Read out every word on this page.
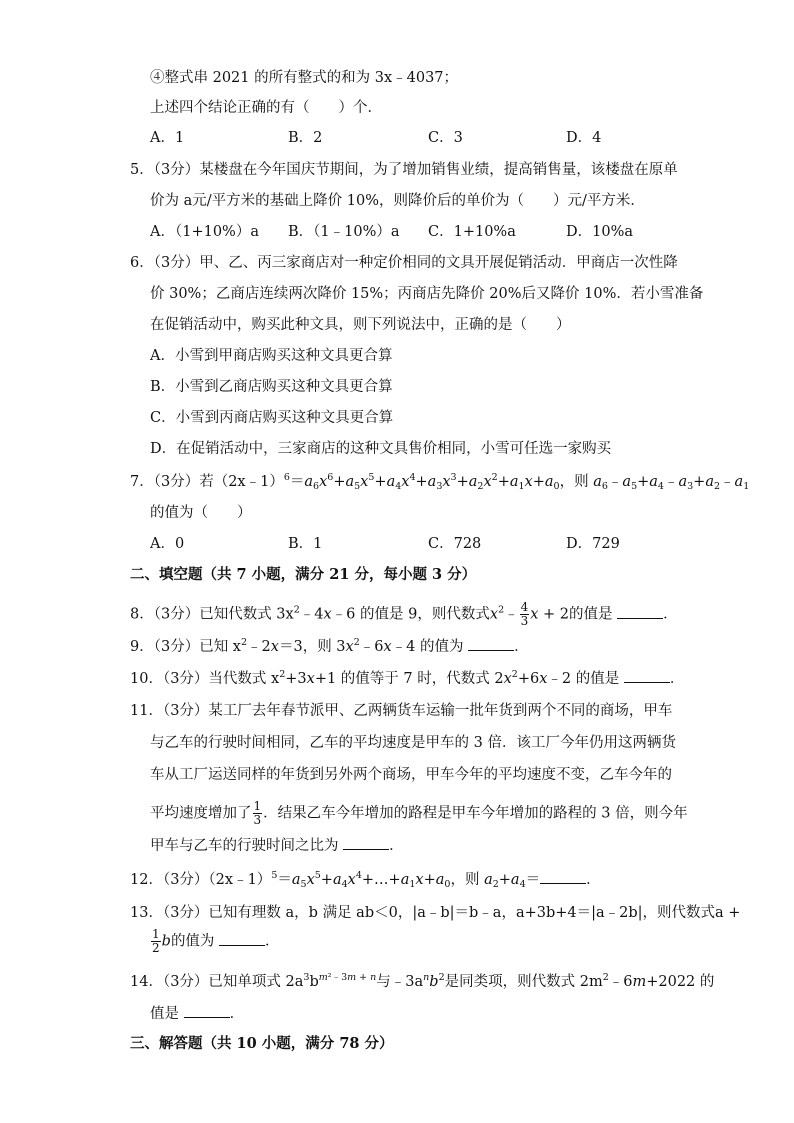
④整式串 2021 的所有整式的和为 3x﹣4037；
上述四个结论正确的有（　　）个．
A．1	B．2	C．3	D．4
5．（3分）某楼盘在今年国庆节期间，为了增加销售业绩，提高销售量，该楼盘在原单
价为 a元/平方米的基础上降价 10%，则降价后的单价为（　　）元/平方米．
A．（1+10%）a B．（1﹣10%）a C．1+10%a	D．10%a
6．（3分）甲、乙、丙三家商店对一种定价相同的文具开展促销活动．甲商店一次性降
价 30%；乙商店连续两次降价 15%；丙商店先降价 20%后又降价 10%．若小雪准备
在促销活动中，购买此种文具，则下列说法中，正确的是（　　）
A．小雪到甲商店购买这种文具更合算
B．小雪到乙商店购买这种文具更合算
C．小雪到丙商店购买这种文具更合算
D．在促销活动中，三家商店的这种文具售价相同，小雪可任选一家购买
7．（3分）若$(2x﹣1)^6=a_6x^6+a_5x^5+a_4x^4+a_3x^3+a_2x^2+a_1x+a_0$，则 $a_6﹣a_5+a_4﹣a_3+a_2﹣a_1$
的值为（　　）
A．0	B．1	C．728	D．729
二、填空题（共 7 小题，满分 21 分，每小题 3 分）
8．（3分）已知代数式 $3x^2﹣4x﹣6$ 的值是 9，则代数式$x^2﹣ \frac{4}{3}$ x + 2的值是	．
9．（3分）已知 $x^2﹣2x=3$，则 $3x^2﹣6x﹣4$ 的值为	．
10．（3分）当代数式 $x^2+3x+1$ 的值等于 7 时，代数式 $2x^2+6x﹣2$ 的值是	．
11．（3分）某工厂去年春节派甲、乙两辆货车运输一批年货到两个不同的商场，甲车
与乙车的行驶时间相同，乙车的平均速度是甲车的 3 倍．该工厂今年仍用这两辆货
车从工厂运送同样的年货到另外两个商场，甲车今年的平均速度不变，乙车今年的
平均速度增加了 $\frac{1}{3}$ ．结果乙车今年增加的路程是甲车今年增加的路程的 3 倍，则今年
甲车与乙车的行驶时间之比为	．
12．（3分）$(2x﹣1)^5=a_5x^5+a_4x^4+\dots+a_1x+a_0$，则 $a_2+a_4=$	．
13．（3分）已知有理数 a，b 满足 ab＜0，|a﹣b|＝b﹣a，a+3b+4＝|a﹣2b|，则代数式a +
$\frac{1}{2}$ b的值为	．
14．（3分）已知单项式 $2a^3b^{m^2﹣3m + n}$与$﹣3a^nb^2$是同类项，则代数式 $2m^2﹣6m+2022$ 的
值是	．
三、解答题（共 10 小题，满分 78 分）
